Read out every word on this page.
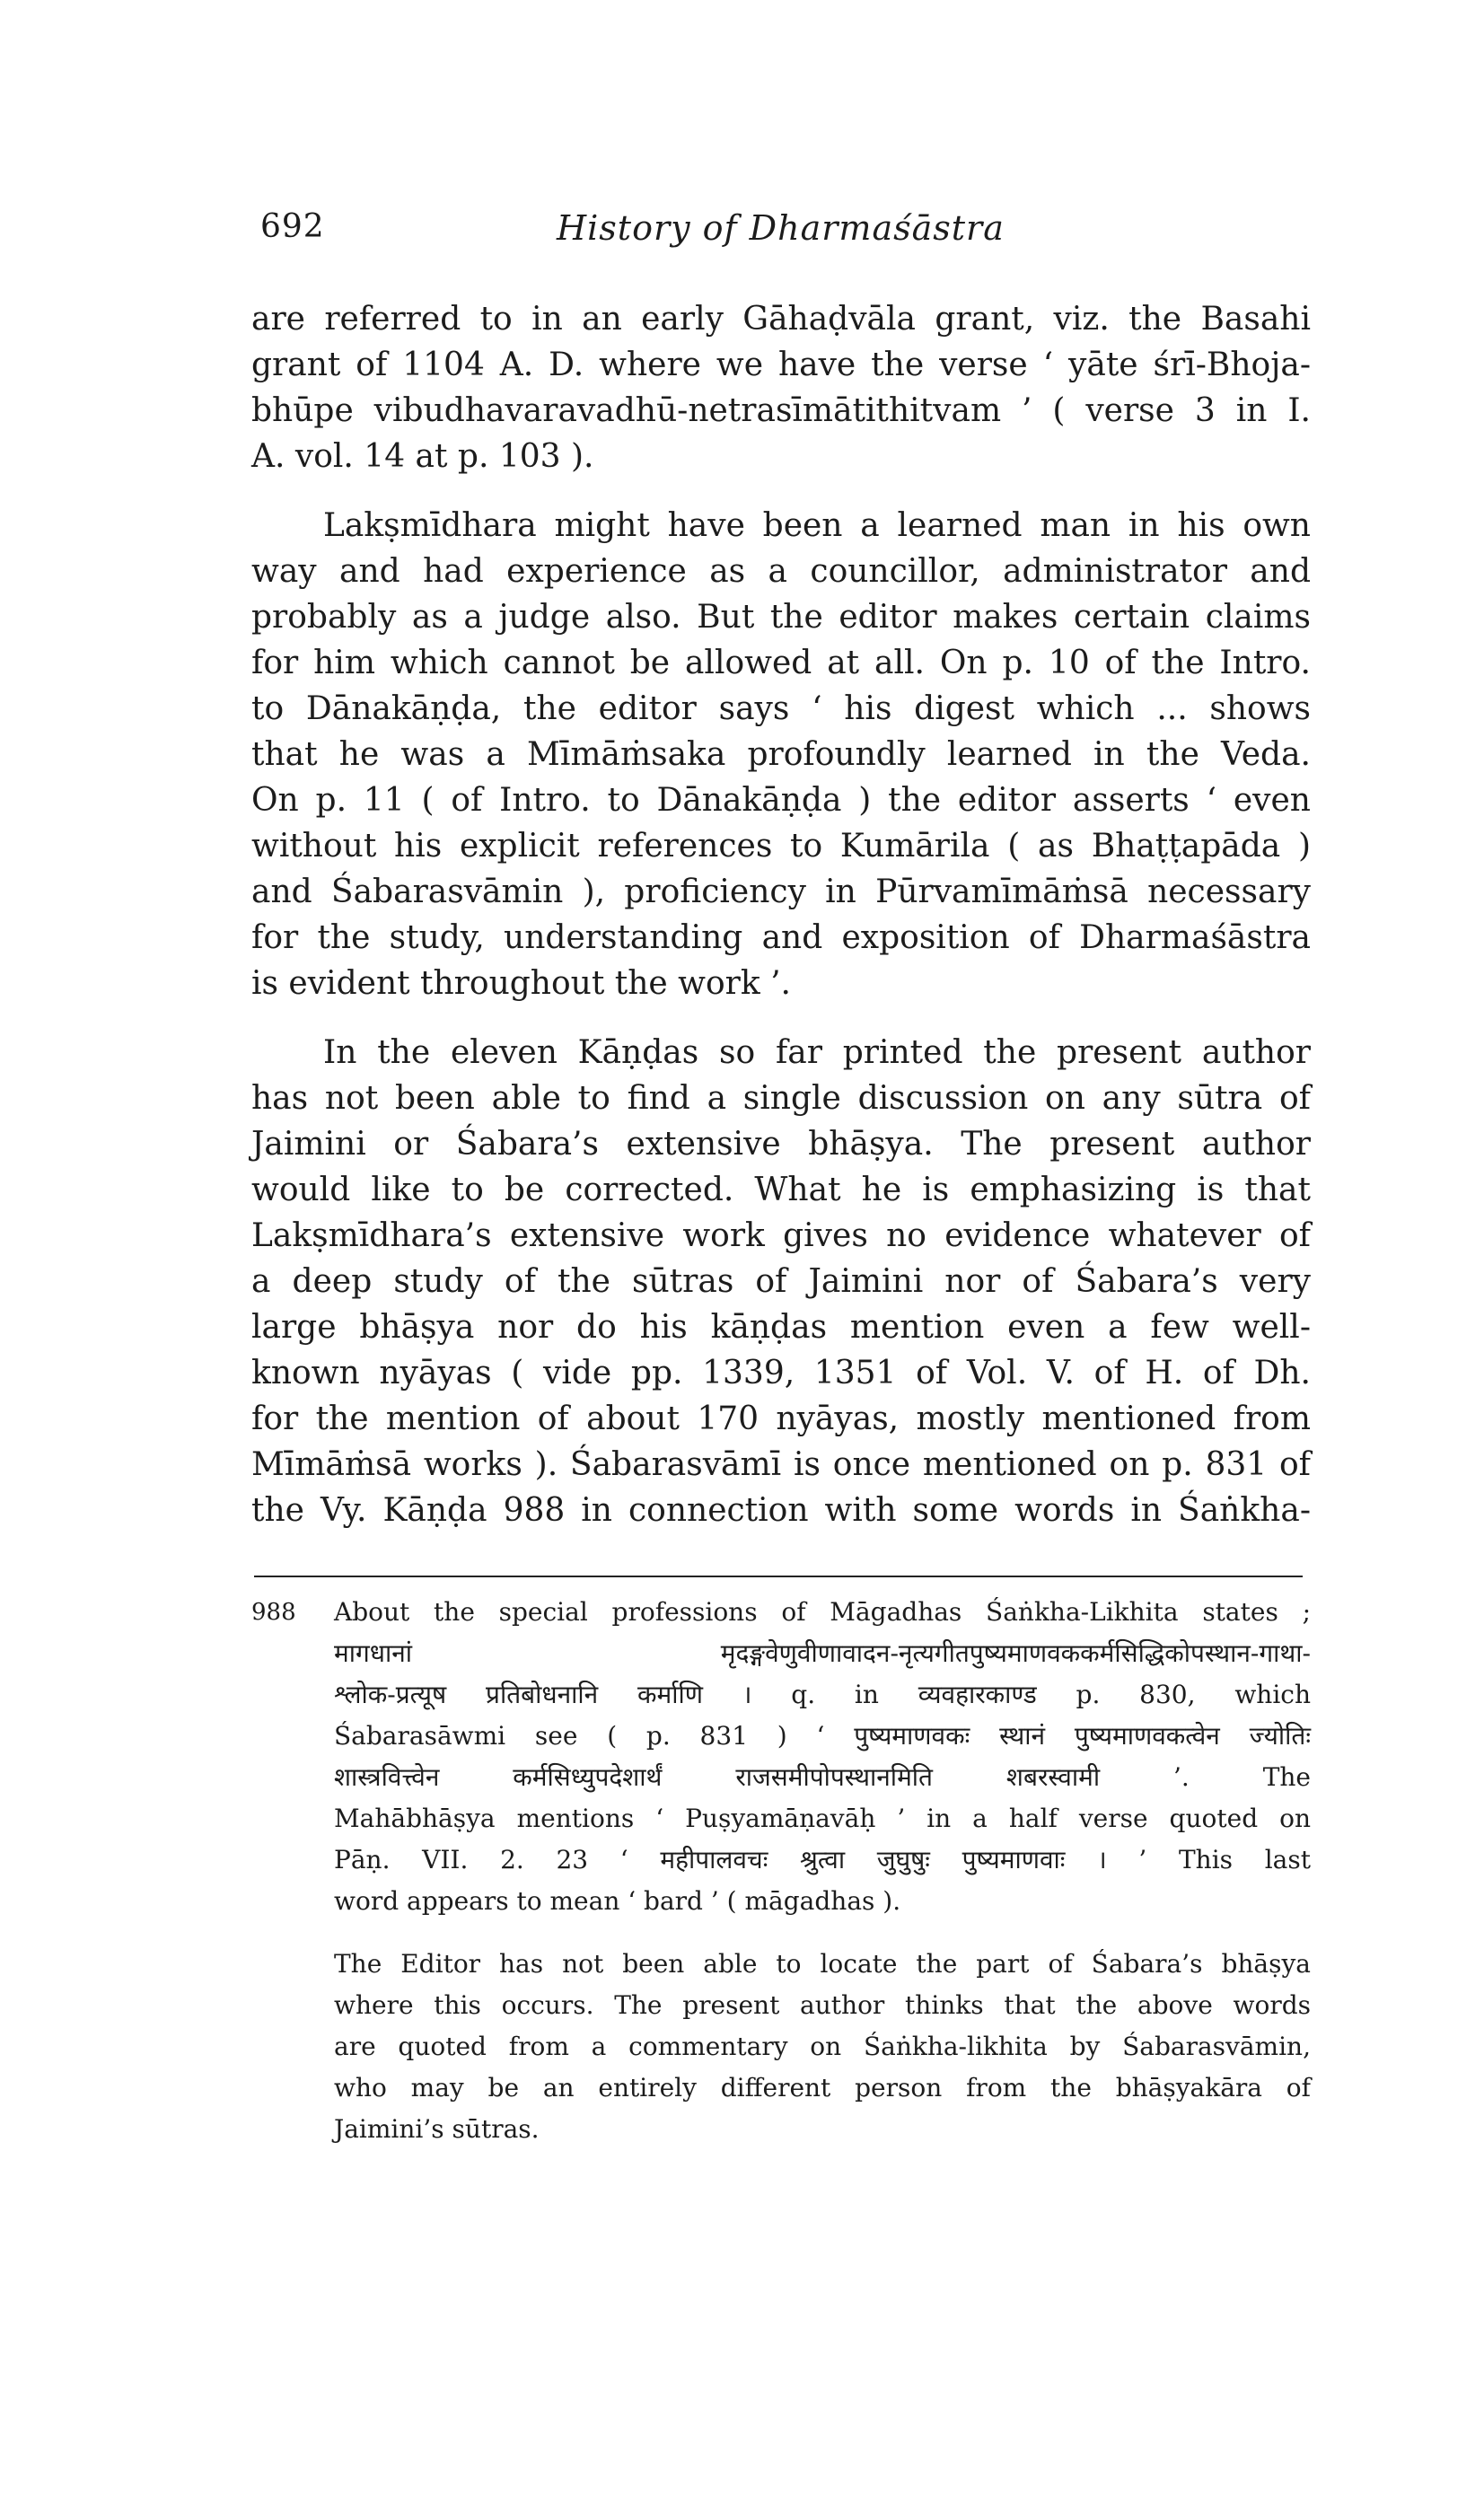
692	History of Dharmaśāstra

are referred to in an early Gāhaḍvāla grant, viz. the Basahi
grant of 1104 A. D. where we have the verse ‘ yāte śrī-Bhoja-
bhūpe vibudhavaravadhū-netrasīmātithitvam ’ ( verse 3 in I.
A. vol. 14 at p. 103 ).

Lakṣmīdhara might have been a learned man in his own
way and had experience as a councillor, administrator and
probably as a judge also. But the editor makes certain claims
for him which cannot be allowed at all. On p. 10 of the Intro.
to Dānakāṇḍa, the editor says ‘ his digest which ... shows
that he was a Mīmāṁsaka profoundly learned in the Veda.
On p. 11 ( of Intro. to Dānakāṇḍa ) the editor asserts ‘ even
without his explicit references to Kumārila ( as Bhaṭṭapāda )
and Śabarasvāmin ), proficiency in Pūrvamīmāṁsā necessary
for the study, understanding and exposition of Dharmaśāstra
is evident throughout the work ’.

In the eleven Kāṇḍas so far printed the present author
has not been able to find a single discussion on any sūtra of
Jaimini or Śabara’s extensive bhāṣya. The present author
would like to be corrected. What he is emphasizing is that
Lakṣmīdhara’s extensive work gives no evidence whatever of
a deep study of the sūtras of Jaimini nor of Śabara’s very
large bhāṣya nor do his kāṇḍas mention even a few well-
known nyāyas ( vide pp. 1339, 1351 of Vol. V. of H. of Dh.
for the mention of about 170 nyāyas, mostly mentioned from
Mīmāṁsā works ). Śabarasvāmī is once mentioned on p. 831 of
the Vy. Kāṇḍa 988 in connection with some words in Śaṅkha-

988 About the special professions of Māgadhas Śaṅkha-Likhita states ;
मागधानां मृदङ्गवेणुवीणावादन-नृत्यगीतपुष्यमाणवककर्मसिद्धिकोपस्थान-गाथा-
श्लोक-प्रत्यूष प्रतिबोधनानि कर्माणि । q. in व्यवहारकाण्ड p. 830, which
Śabarasāwmi see ( p. 831 ) ‘ पुष्यमाणवकः स्थानं पुष्यमाणवकत्वेन ज्योतिः
शास्त्रवित्त्वेन कर्मसिध्युपदेशार्थं राजसमीपोपस्थानमिति शबरस्वामी ’. The
Mahābhāṣya mentions ‘ Puṣyamāṇavāḥ ’ in a half verse quoted on
Pāṇ. VII. 2. 23 ‘ महीपालवचः श्रुत्वा जुघुषुः पुष्यमाणवाः । ’ This last
word appears to mean ‘ bard ’ ( māgadhas ).
The Editor has not been able to locate the part of Śabara’s bhāṣya
where this occurs. The present author thinks that the above words
are quoted from a commentary on Śaṅkha-likhita by Śabarasvāmin,
who may be an entirely different person from the bhāṣyakāra of
Jaimini’s sūtras.
